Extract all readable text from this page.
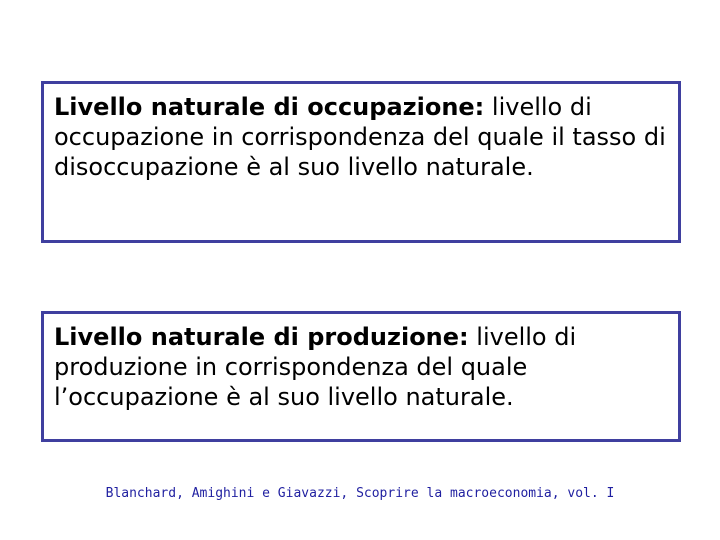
Livello naturale di occupazione: livello di occupazione in corrispondenza del quale il tasso di disoccupazione è al suo livello naturale.
Livello naturale di produzione: livello di produzione in corrispondenza del quale l’occupazione è al suo livello naturale.
Blanchard, Amighini e Giavazzi, Scoprire la macroeconomia, vol. I
